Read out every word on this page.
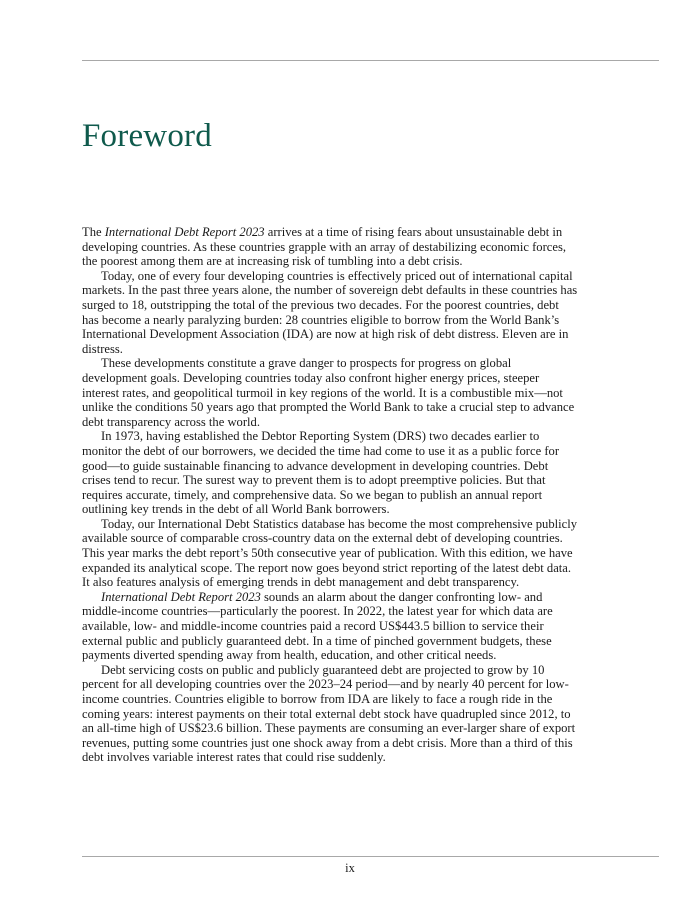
Foreword

The International Debt Report 2023 arrives at a time of rising fears about unsustainable debt in developing countries. As these countries grapple with an array of destabilizing economic forces, the poorest among them are at increasing risk of tumbling into a debt crisis.

Today, one of every four developing countries is effectively priced out of international capital markets. In the past three years alone, the number of sovereign debt defaults in these countries has surged to 18, outstripping the total of the previous two decades. For the poorest countries, debt has become a nearly paralyzing burden: 28 countries eligible to borrow from the World Bank’s International Development Association (IDA) are now at high risk of debt distress. Eleven are in distress.

These developments constitute a grave danger to prospects for progress on global development goals. Developing countries today also confront higher energy prices, steeper interest rates, and geopolitical turmoil in key regions of the world. It is a combustible mix—not unlike the conditions 50 years ago that prompted the World Bank to take a crucial step to advance debt transparency across the world.

In 1973, having established the Debtor Reporting System (DRS) two decades earlier to monitor the debt of our borrowers, we decided the time had come to use it as a public force for good—to guide sustainable financing to advance development in developing countries. Debt crises tend to recur. The surest way to prevent them is to adopt preemptive policies. But that requires accurate, timely, and comprehensive data. So we began to publish an annual report outlining key trends in the debt of all World Bank borrowers.

Today, our International Debt Statistics database has become the most comprehensive publicly available source of comparable cross-country data on the external debt of developing countries. This year marks the debt report’s 50th consecutive year of publication. With this edition, we have expanded its analytical scope. The report now goes beyond strict reporting of the latest debt data. It also features analysis of emerging trends in debt management and debt transparency.

International Debt Report 2023 sounds an alarm about the danger confronting low- and middle-income countries—particularly the poorest. In 2022, the latest year for which data are available, low- and middle-income countries paid a record US$443.5 billion to service their external public and publicly guaranteed debt. In a time of pinched government budgets, these payments diverted spending away from health, education, and other critical needs.

Debt servicing costs on public and publicly guaranteed debt are projected to grow by 10 percent for all developing countries over the 2023–24 period—and by nearly 40 percent for low-income countries. Countries eligible to borrow from IDA are likely to face a rough ride in the coming years: interest payments on their total external debt stock have quadrupled since 2012, to an all-time high of US$23.6 billion. These payments are consuming an ever-larger share of export revenues, putting some countries just one shock away from a debt crisis. More than a third of this debt involves variable interest rates that could rise suddenly.

ix
